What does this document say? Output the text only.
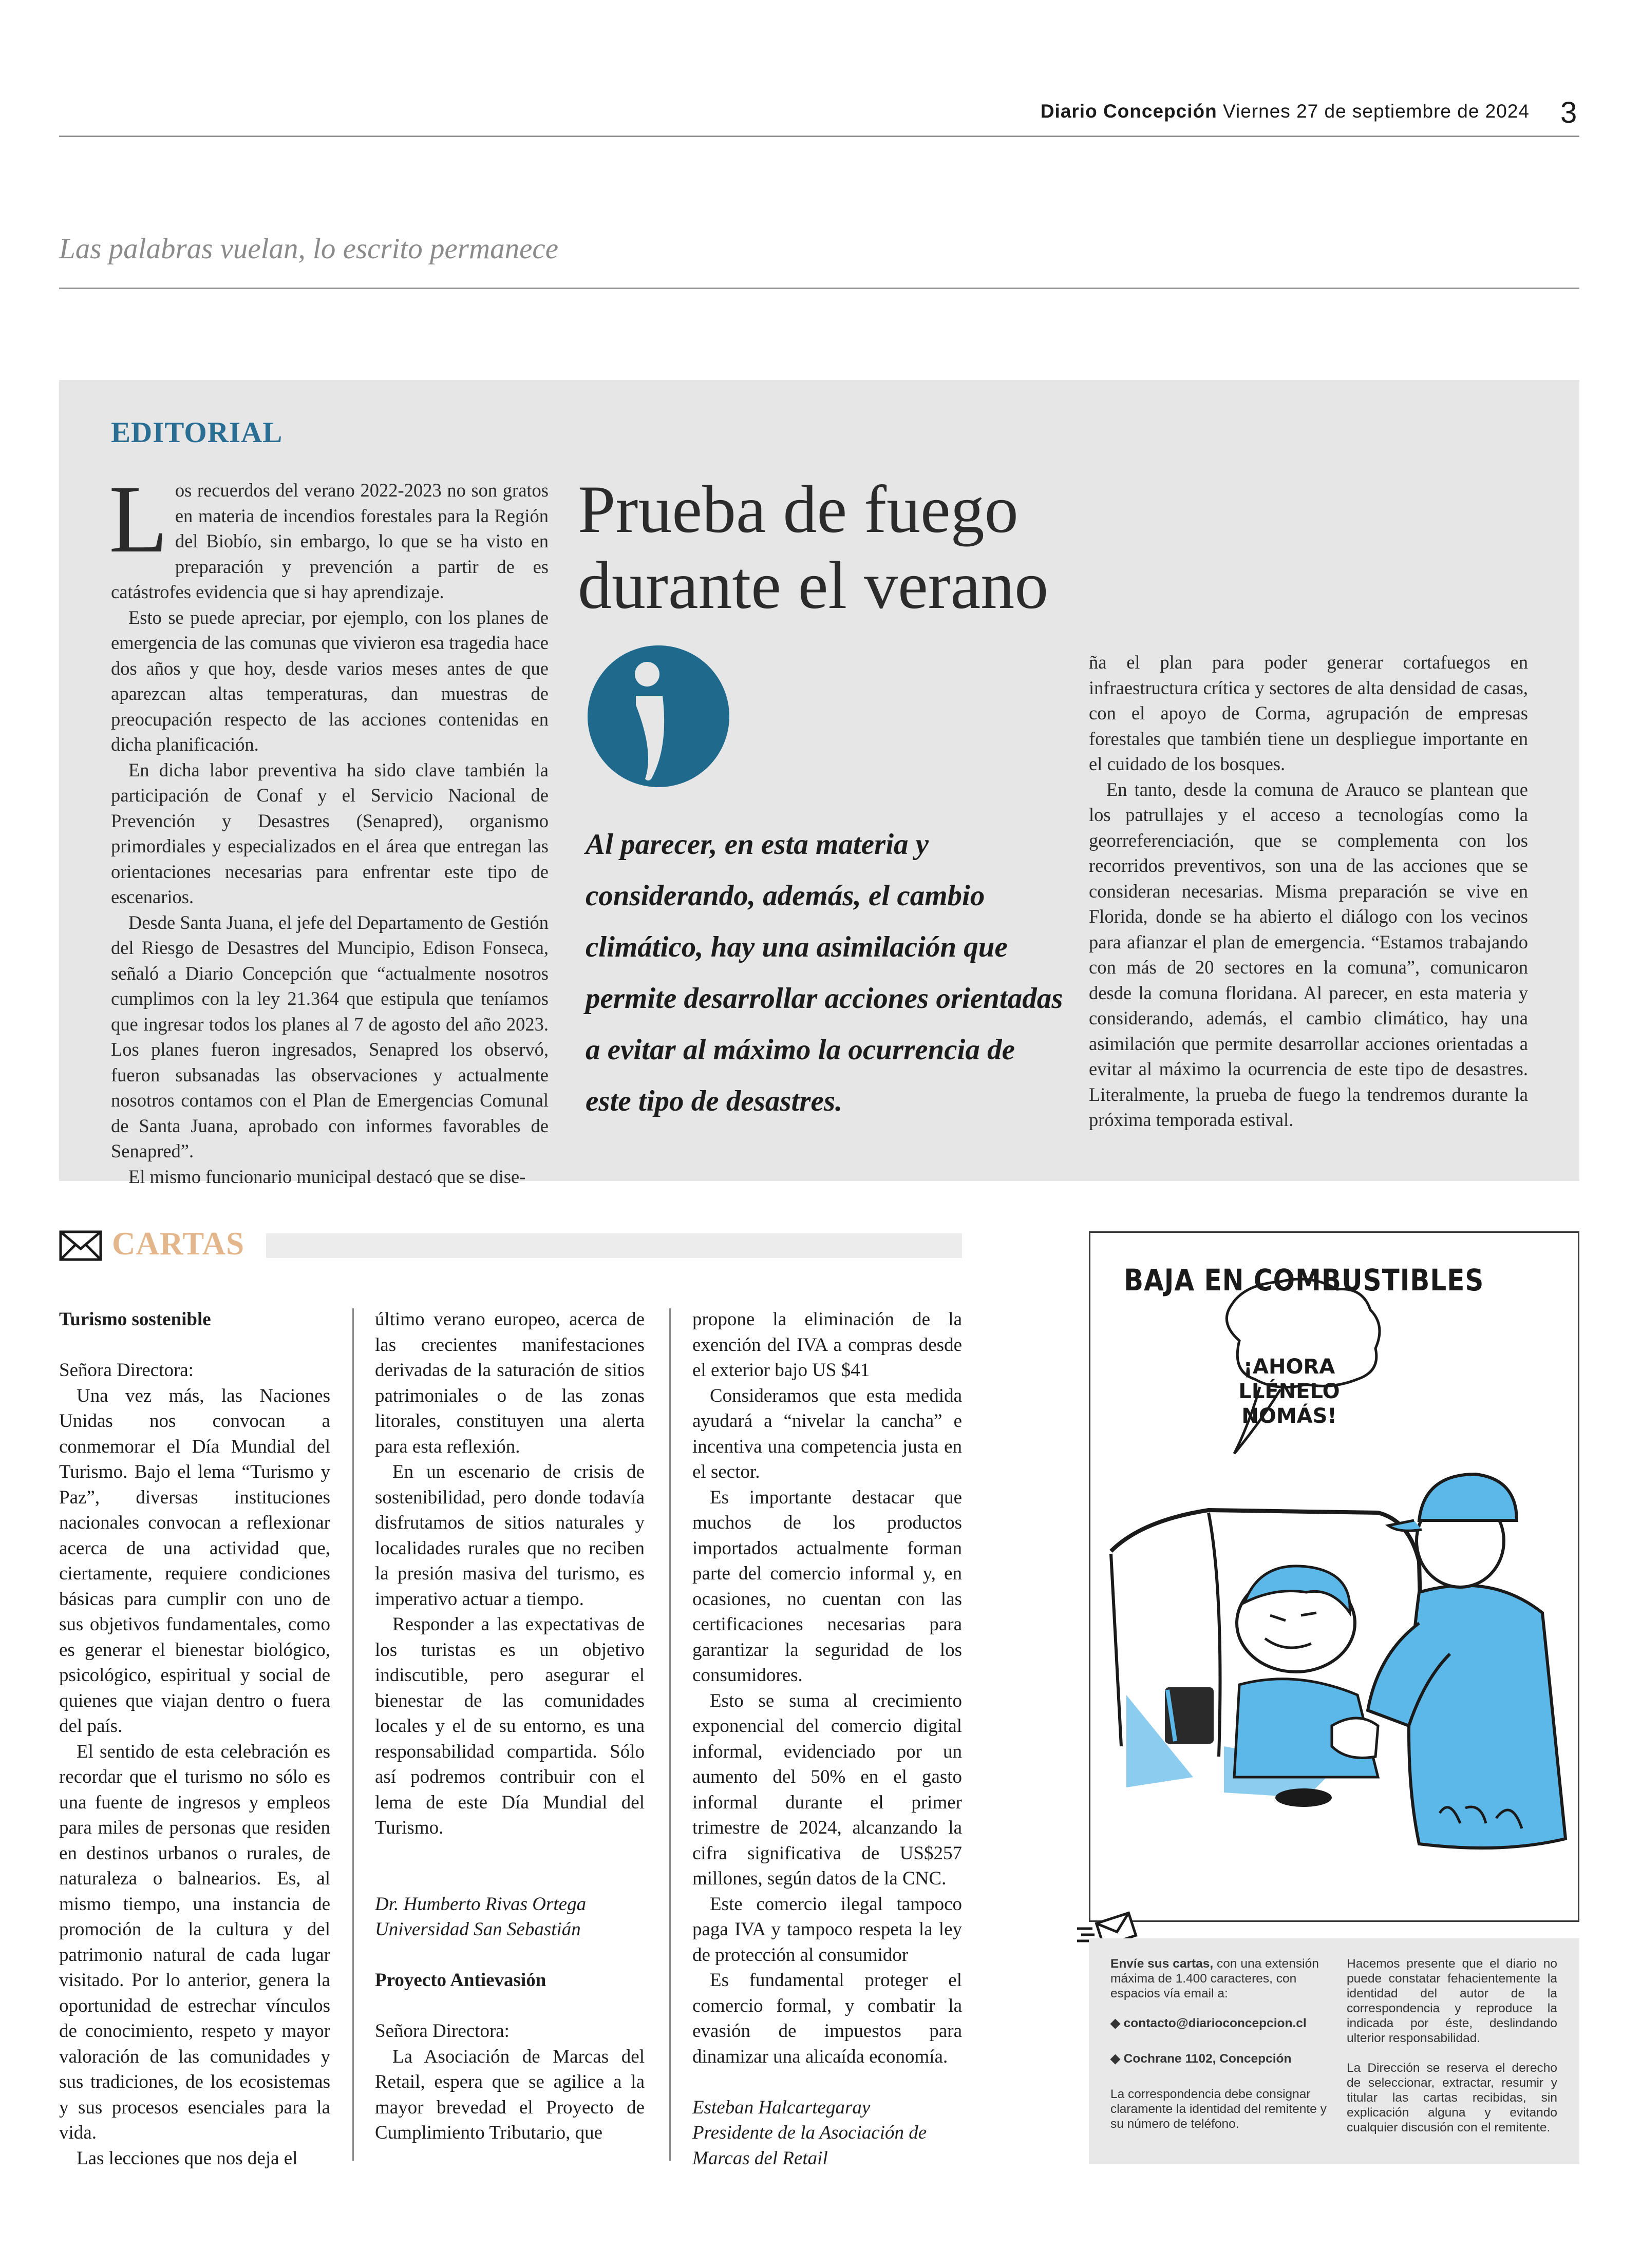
Diario Concepción Viernes 27 de septiembre de 2024 3
Las palabras vuelan, lo escrito permanece
EDITORIAL

Los recuerdos del verano 2022-2023 no son gratos en materia de incendios forestales para la Región del Biobío, sin embargo, lo que se ha visto en preparación y prevención a partir de es catástrofes evidencia que si hay aprendizaje.

Esto se puede apreciar, por ejemplo, con los planes de emergencia de las comunas que vivieron esa tragedia hace dos años y que hoy, desde varios meses antes de que aparezcan altas temperaturas, dan muestras de preocupación respecto de las acciones contenidas en dicha planificación.

En dicha labor preventiva ha sido clave también la participación de Conaf y el Servicio Nacional de Prevención y Desastres (Senapred), organismo primordiales y especializados en el área que entregan las orientaciones necesarias para enfrentar este tipo de escenarios.

Desde Santa Juana, el jefe del Departamento de Gestión del Riesgo de Desastres del Muncipio, Edison Fonseca, señaló a Diario Concepción que “actualmente nosotros cumplimos con la ley 21.364 que estipula que teníamos que ingresar todos los planes al 7 de agosto del año 2023. Los planes fueron ingresados, Senapred los observó, fueron subsanadas las observaciones y actualmente nosotros contamos con el Plan de Emergencias Comunal de Santa Juana, aprobado con informes favorables de Senapred”.

El mismo funcionario municipal destacó que se dise-

Prueba de fuego
durante el verano
Al parecer, en esta materia y considerando, además, el cambio climático, hay una asimilación que permite desarrollar acciones orientadas a evitar al máximo la ocurrencia de este tipo de desastres.

ña el plan para poder generar cortafuegos en infraestructura crítica y sectores de alta densidad de casas, con el apoyo de Corma, agrupación de empresas forestales que también tiene un despliegue importante en el cuidado de los bosques.

En tanto, desde la comuna de Arauco se plantean que los patrullajes y el acceso a tecnologías como la georreferenciación, que se complementa con los recorridos preventivos, son una de las acciones que se consideran necesarias. Misma preparación se vive en Florida, donde se ha abierto el diálogo con los vecinos para afianzar el plan de emergencia. “Estamos trabajando con más de 20 sectores en la comuna”, comunicaron desde la comuna floridana. Al parecer, en esta materia y considerando, además, el cambio climático, hay una asimilación que permite desarrollar acciones orientadas a evitar al máximo la ocurrencia de este tipo de desastres. Literalmente, la prueba de fuego la tendremos durante la próxima temporada estival.

CARTAS

Turismo sostenible

Señora Directora:

Una vez más, las Naciones Unidas nos convocan a conmemorar el Día Mundial del Turismo. Bajo el lema “Turismo y Paz”, diversas instituciones nacionales convocan a reflexionar acerca de una actividad que, ciertamente, requiere condiciones básicas para cumplir con uno de sus objetivos fundamentales, como es generar el bienestar biológico, psicológico, espiritual y social de quienes que viajan dentro o fuera del país.

El sentido de esta celebración es recordar que el turismo no sólo es una fuente de ingresos y empleos para miles de personas que residen en destinos urbanos o rurales, de naturaleza o balnearios. Es, al mismo tiempo, una instancia de promoción de la cultura y del patrimonio natural de cada lugar visitado. Por lo anterior, genera la oportunidad de estrechar vínculos de conocimiento, respeto y mayor valoración de las comunidades y sus tradiciones, de los ecosistemas y sus procesos esenciales para la vida.

Las lecciones que nos deja el

último verano europeo, acerca de las crecientes manifestaciones derivadas de la saturación de sitios patrimoniales o de las zonas litorales, constituyen una alerta para esta reflexión.

En un escenario de crisis de sostenibilidad, pero donde todavía disfrutamos de sitios naturales y localidades rurales que no reciben la presión masiva del turismo, es imperativo actuar a tiempo.

Responder a las expectativas de los turistas es un objetivo indiscutible, pero asegurar el bienestar de las comunidades locales y el de su entorno, es una responsabilidad compartida. Sólo así podremos contribuir con el lema de este Día Mundial del Turismo.

Dr. Humberto Rivas Ortega

Universidad San Sebastián

Proyecto Antievasión

Señora Directora:

La Asociación de Marcas del Retail, espera que se agilice a la mayor brevedad el Proyecto de Cumplimiento Tributario, que

propone la eliminación de la exención del IVA a compras desde el exterior bajo US $41

Consideramos que esta medida ayudará a “nivelar la cancha” e incentiva una competencia justa en el sector.

Es importante destacar que muchos de los productos importados actualmente forman parte del comercio informal y, en ocasiones, no cuentan con las certificaciones necesarias para garantizar la seguridad de los consumidores.

Esto se suma al crecimiento exponencial del comercio digital informal, evidenciado por un aumento del 50% en el gasto informal durante el primer trimestre de 2024, alcanzando la cifra significativa de US$257 millones, según datos de la CNC.

Este comercio ilegal tampoco paga IVA y tampoco respeta la ley de protección al consumidor

Es fundamental proteger el comercio formal, y combatir la evasión de impuestos para dinamizar una alicaída economía.

Esteban Halcartegaray

Presidente de la Asociación de

Marcas del Retail

BAJA EN COMBUSTIBLES
¡AHORA
LLÉNELO
NOMÁS!

Envíe sus cartas, con una extensión máxima de 1.400 caracteres, con espacios vía email a:

◆ contacto@diarioconcepcion.cl

◆ Cochrane 1102, Concepción

La correspondencia debe consignar claramente la identidad del remitente y su número de teléfono.

Hacemos presente que el diario no puede constatar fehacientemente la identidad del autor de la correspondencia y reproduce la indicada por éste, deslindando ulterior responsabilidad.

La Dirección se reserva el derecho de seleccionar, extractar, resumir y titular las cartas recibidas, sin explicación alguna y evitando cualquier discusión con el remitente.
